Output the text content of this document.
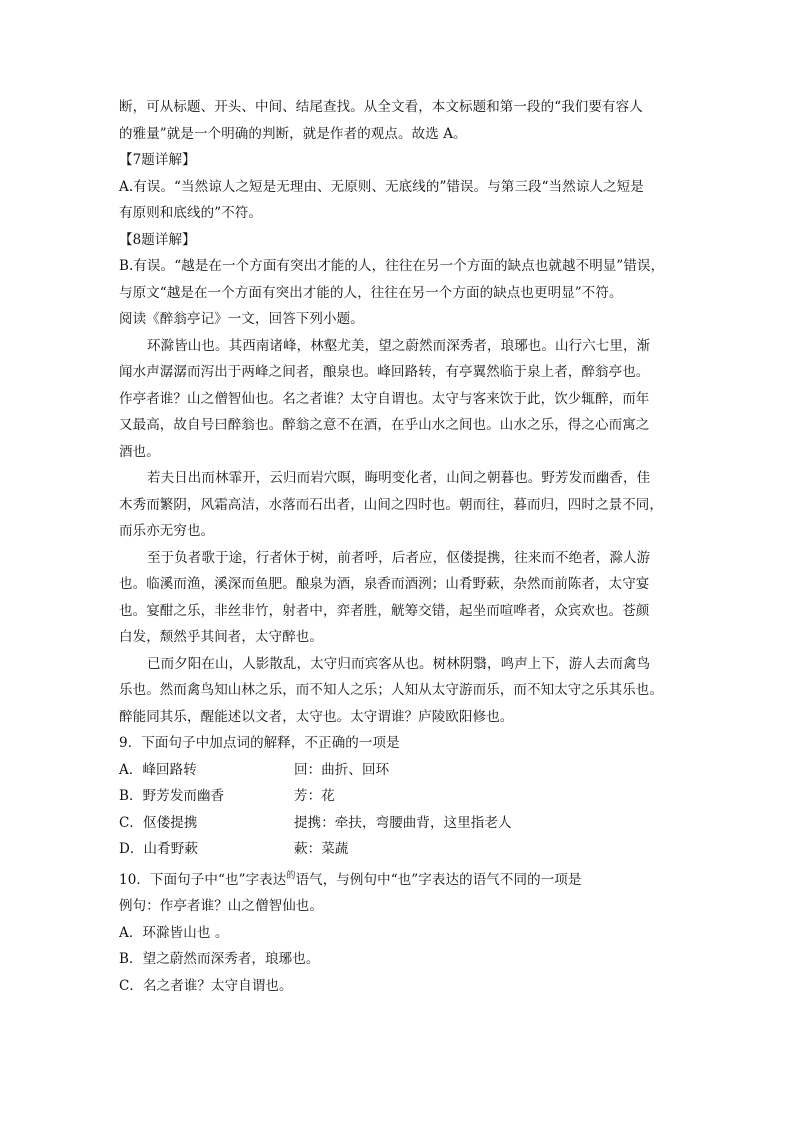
断，可从标题、开头、中间、结尾查找。从全文看，本文标题和第一段的“我们要有容人
的雅量”就是一个明确的判断，就是作者的观点。故选 A。
【7题详解】
A.有误。“当然谅人之短是无理由、无原则、无底线的”错误。与第三段“当然谅人之短是
有原则和底线的”不符。
【8题详解】
B.有误。“越是在一个方面有突出才能的人，往往在另一个方面的缺点也就越不明显”错误，
与原文“越是在一个方面有突出才能的人，往往在另一个方面的缺点也更明显”不符。
阅读《醉翁亭记》一文，回答下列小题。
环滁皆山也。其西南诸峰，林壑尤美，望之蔚然而深秀者，琅琊也。山行六七里，渐
闻水声潺潺而泻出于两峰之间者，酿泉也。峰回路转，有亭翼然临于泉上者，醉翁亭也。
作亭者谁？山之僧智仙也。名之者谁？太守自谓也。太守与客来饮于此，饮少辄醉，而年
又最高，故自号曰醉翁也。醉翁之意不在酒，在乎山水之间也。山水之乐，得之心而寓之
酒也。
若夫日出而林霏开，云归而岩穴暝，晦明变化者，山间之朝暮也。野芳发而幽香，佳
木秀而繁阴，风霜高洁，水落而石出者，山间之四时也。朝而往，暮而归，四时之景不同，
而乐亦无穷也。
至于负者歌于途，行者休于树，前者呼，后者应，伛偻提携，往来而不绝者，滁人游
也。临溪而渔，溪深而鱼肥。酿泉为酒，泉香而酒洌；山肴野蔌，杂然而前陈者，太守宴
也。宴酣之乐，非丝非竹，射者中，弈者胜，觥筹交错，起坐而喧哗者，众宾欢也。苍颜
白发，颓然乎其间者，太守醉也。
已而夕阳在山，人影散乱，太守归而宾客从也。树林阴翳，鸣声上下，游人去而禽鸟
乐也。然而禽鸟知山林之乐，而不知人之乐；人知从太守游而乐，而不知太守之乐其乐也。
醉能同其乐，醒能述以文者，太守也。太守谓谁？庐陵欧阳修也。
9．下面句子中加点词的解释，不正确的一项是
A．峰回路转	回：曲折、回环
B．野芳发而幽香	芳：花
C．伛偻提携	提携：牵扶，弯腰曲背，这里指老人
D．山肴野蔌	蔌：菜蔬
10．下面句子中“也”字表达$^的$语气，与例句中“也”字表达的语气不同的一项是
例句：作亭者谁？山之僧智仙也。
A．环滁皆山也 。
B．望之蔚然而深秀者，琅琊也。
C．名之者谁？太守自谓也。
